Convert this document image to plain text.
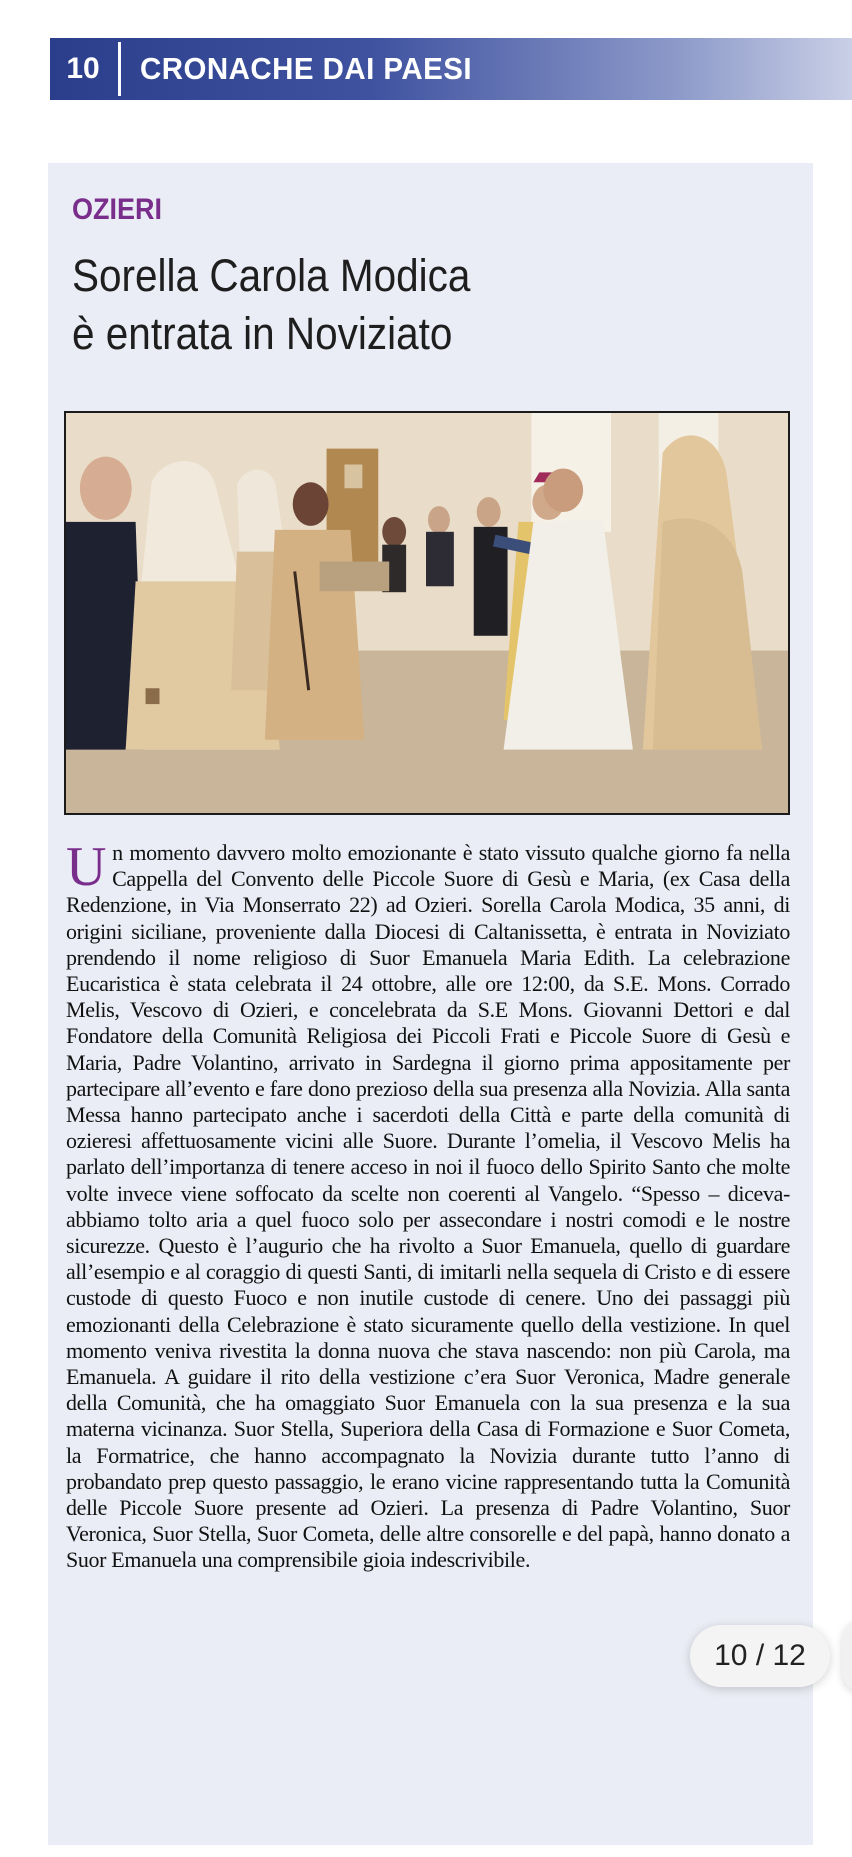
10	CRONACHE DAI PAESI
OZIERI
Sorella Carola Modica
è entrata in Noviziato
Un momento davvero molto emozionante è stato vissuto qualche giorno fa nella Cappella del Convento delle Piccole Suore di Gesù e Maria, (ex Casa della Redenzione, in Via Monserrato 22) ad Ozieri. Sorella Carola Modica, 35 anni, di origini siciliane, proveniente dalla Diocesi di Caltanissetta, è entrata in Noviziato prendendo il nome religioso di Suor Emanuela Maria Edith. La celebrazione Eucaristica è stata celebrata il 24 ottobre, alle ore 12:00, da S.E. Mons. Corrado Melis, Vescovo di Ozieri, e concelebrata da S.E Mons. Giovanni Dettori e dal Fondatore della Comunità Religiosa dei Piccoli Frati e Piccole Suore di Gesù e Maria, Padre Volantino, arrivato in Sardegna il giorno prima appositamente per partecipare all’evento e fare dono prezioso della sua presenza alla Novizia. Alla santa Messa hanno partecipato anche i sacerdoti della Città e parte della comunità di ozieresi affettuosamente vicini alle Suore. Durante l’omelia, il Vescovo Melis ha parlato dell’importanza di tenere acceso in noi il fuoco dello Spirito Santo che molte volte invece viene soffocato da scelte non coerenti al Vangelo. “Spesso – diceva- abbiamo tolto aria a quel fuoco solo per assecondare i nostri comodi e le nostre sicurezze. Questo è l’augurio che ha rivolto a Suor Emanuela, quello di guardare all’esempio e al coraggio di questi Santi, di imitarli nella sequela di Cristo e di essere custode di questo Fuoco e non inutile custode di cenere. Uno dei passaggi più emozionanti della Celebrazione è stato sicuramente quello della vestizione. In quel momento veniva rivestita la donna nuova che stava nascendo: non più Carola, ma Emanuela. A guidare il rito della vestizione c’era Suor Veronica, Madre generale della Comunità, che ha omaggiato Suor Emanuela con la sua presenza e la sua materna vicinanza. Suor Stella, Superiora della Casa di Formazione e Suor Cometa, la Formatrice, che hanno accompagnato la Novizia durante tutto l’anno di probandato prep questo passaggio, le erano vicine rappresentando tutta la Comunità delle Piccole Suore presente ad Ozieri. La presenza di Padre Volantino, Suor Veronica, Suor Stella, Suor Cometa, delle altre consorelle e del papà, hanno donato a Suor Emanuela una comprensibile gioia indescrivibile.
10 / 12
